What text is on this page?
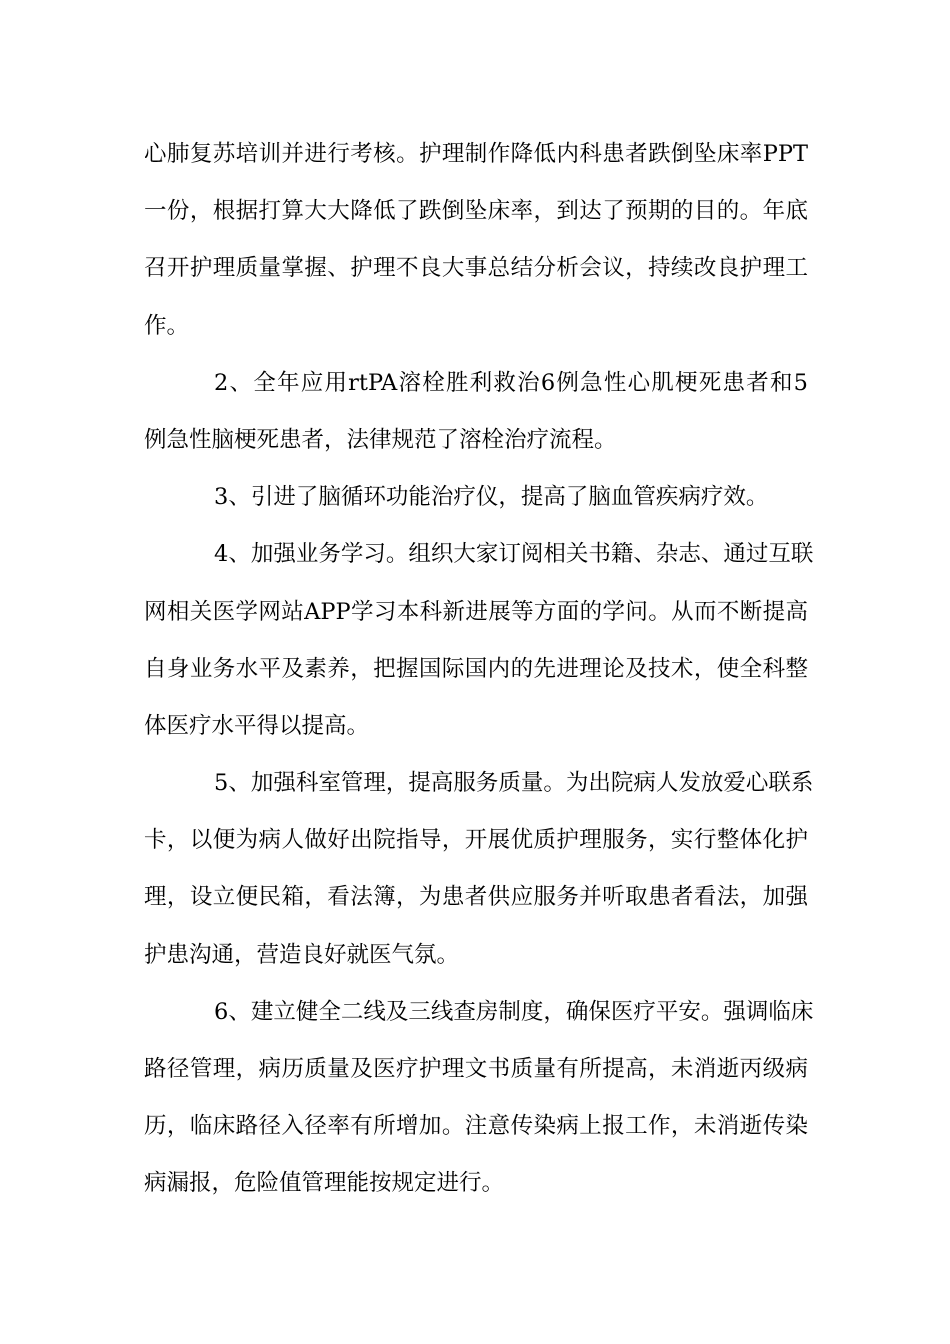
心肺复苏培训并进行考核。护理制作降低内科患者跌倒坠床率PPT
一份，根据打算大大降低了跌倒坠床率，到达了预期的目的。年底
召开护理质量掌握、护理不良大事总结分析会议，持续改良护理工
作。
2、全年应用rtPA溶栓胜利救治6例急性心肌梗死患者和5
例急性脑梗死患者，法律规范了溶栓治疗流程。
3、引进了脑循环功能治疗仪，提高了脑血管疾病疗效。
4、加强业务学习。组织大家订阅相关书籍、杂志、通过互联
网相关医学网站APP学习本科新进展等方面的学问。从而不断提高
自身业务水平及素养，把握国际国内的先进理论及技术，使全科整
体医疗水平得以提高。
5、加强科室管理，提高服务质量。为出院病人发放爱心联系
卡，以便为病人做好出院指导，开展优质护理服务，实行整体化护
理，设立便民箱，看法簿，为患者供应服务并听取患者看法，加强
护患沟通，营造良好就医气氛。
6、建立健全二线及三线查房制度，确保医疗平安。强调临床
路径管理，病历质量及医疗护理文书质量有所提高，未消逝丙级病
历，临床路径入径率有所增加。注意传染病上报工作，未消逝传染
病漏报，危险值管理能按规定进行。
